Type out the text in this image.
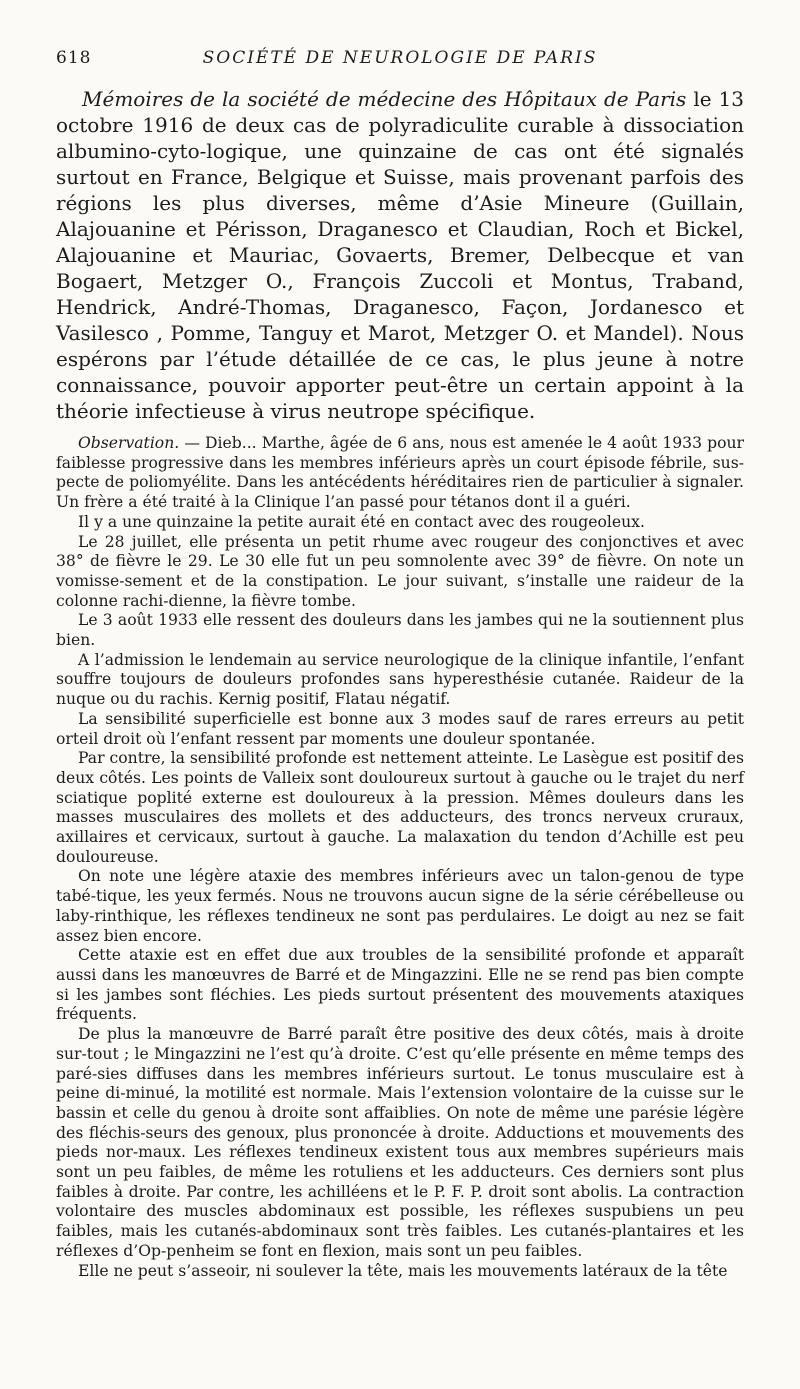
618	SOCIÉTÉ DE NEUROLOGIE DE PARIS

Mémoires de la société de médecine des Hôpitaux de Paris le 13 octobre 1916 de deux cas de polyradiculite curable à dissociation albumino-cyto-logique, une quinzaine de cas ont été signalés surtout en France, Belgique et Suisse, mais provenant parfois des régions les plus diverses, même d’Asie Mineure (Guillain, Alajouanine et Périsson, Draganesco et Claudian, Roch et Bickel, Alajouanine et Mauriac, Govaerts, Bremer, Delbecque et van Bogaert, Metzger O., François Zuccoli et Montus, Traband, Hendrick, André-Thomas, Draganesco, Façon, Jordanesco et Vasilesco , Pomme, Tanguy et Marot, Metzger O. et Mandel). Nous espérons par l’étude détaillée de ce cas, le plus jeune à notre connaissance, pouvoir apporter peut-être un certain appoint à la théorie infectieuse à virus neutrope spécifique.

Observation. — Dieb... Marthe, âgée de 6 ans, nous est amenée le 4 août 1933 pour faiblesse progressive dans les membres inférieurs après un court épisode fébrile, sus-pecte de poliomyélite. Dans les antécédents héréditaires rien de particulier à signaler. Un frère a été traité à la Clinique l’an passé pour tétanos dont il a guéri.

Il y a une quinzaine la petite aurait été en contact avec des rougeoleux.

Le 28 juillet, elle présenta un petit rhume avec rougeur des conjonctives et avec 38° de fièvre le 29. Le 30 elle fut un peu somnolente avec 39° de fièvre. On note un vomisse-sement et de la constipation. Le jour suivant, s’installe une raideur de la colonne rachi-dienne, la fièvre tombe.

Le 3 août 1933 elle ressent des douleurs dans les jambes qui ne la soutiennent plus bien.

A l’admission le lendemain au service neurologique de la clinique infantile, l’enfant souffre toujours de douleurs profondes sans hyperesthésie cutanée. Raideur de la nuque ou du rachis. Kernig positif, Flatau négatif.

La sensibilité superficielle est bonne aux 3 modes sauf de rares erreurs au petit orteil droit où l’enfant ressent par moments une douleur spontanée.

Par contre, la sensibilité profonde est nettement atteinte. Le Lasègue est positif des deux côtés. Les points de Valleix sont douloureux surtout à gauche ou le trajet du nerf sciatique poplité externe est douloureux à la pression. Mêmes douleurs dans les masses musculaires des mollets et des adducteurs, des troncs nerveux cruraux, axillaires et cervicaux, surtout à gauche. La malaxation du tendon d’Achille est peu douloureuse.

On note une légère ataxie des membres inférieurs avec un talon-genou de type tabé-tique, les yeux fermés. Nous ne trouvons aucun signe de la série cérébelleuse ou laby-rinthique, les réflexes tendineux ne sont pas perdulaires. Le doigt au nez se fait assez bien encore.

Cette ataxie est en effet due aux troubles de la sensibilité profonde et apparaît aussi dans les manœuvres de Barré et de Mingazzini. Elle ne se rend pas bien compte si les jambes sont fléchies. Les pieds surtout présentent des mouvements ataxiques fréquents.

De plus la manœuvre de Barré paraît être positive des deux côtés, mais à droite sur-tout ; le Mingazzini ne l’est qu’à droite. C’est qu’elle présente en même temps des paré-sies diffuses dans les membres inférieurs surtout. Le tonus musculaire est à peine di-minué, la motilité est normale. Mais l’extension volontaire de la cuisse sur le bassin et celle du genou à droite sont affaiblies. On note de même une parésie légère des fléchis-seurs des genoux, plus prononcée à droite. Adductions et mouvements des pieds nor-maux. Les réflexes tendineux existent tous aux membres supérieurs mais sont un peu faibles, de même les rotuliens et les adducteurs. Ces derniers sont plus faibles à droite. Par contre, les achilléens et le P. F. P. droit sont abolis. La contraction volontaire des muscles abdominaux est possible, les réflexes suspubiens un peu faibles, mais les cutanés-abdominaux sont très faibles. Les cutanés-plantaires et les réflexes d’Op-penheim se font en flexion, mais sont un peu faibles.

Elle ne peut s’asseoir, ni soulever la tête, mais les mouvements latéraux de la tête
